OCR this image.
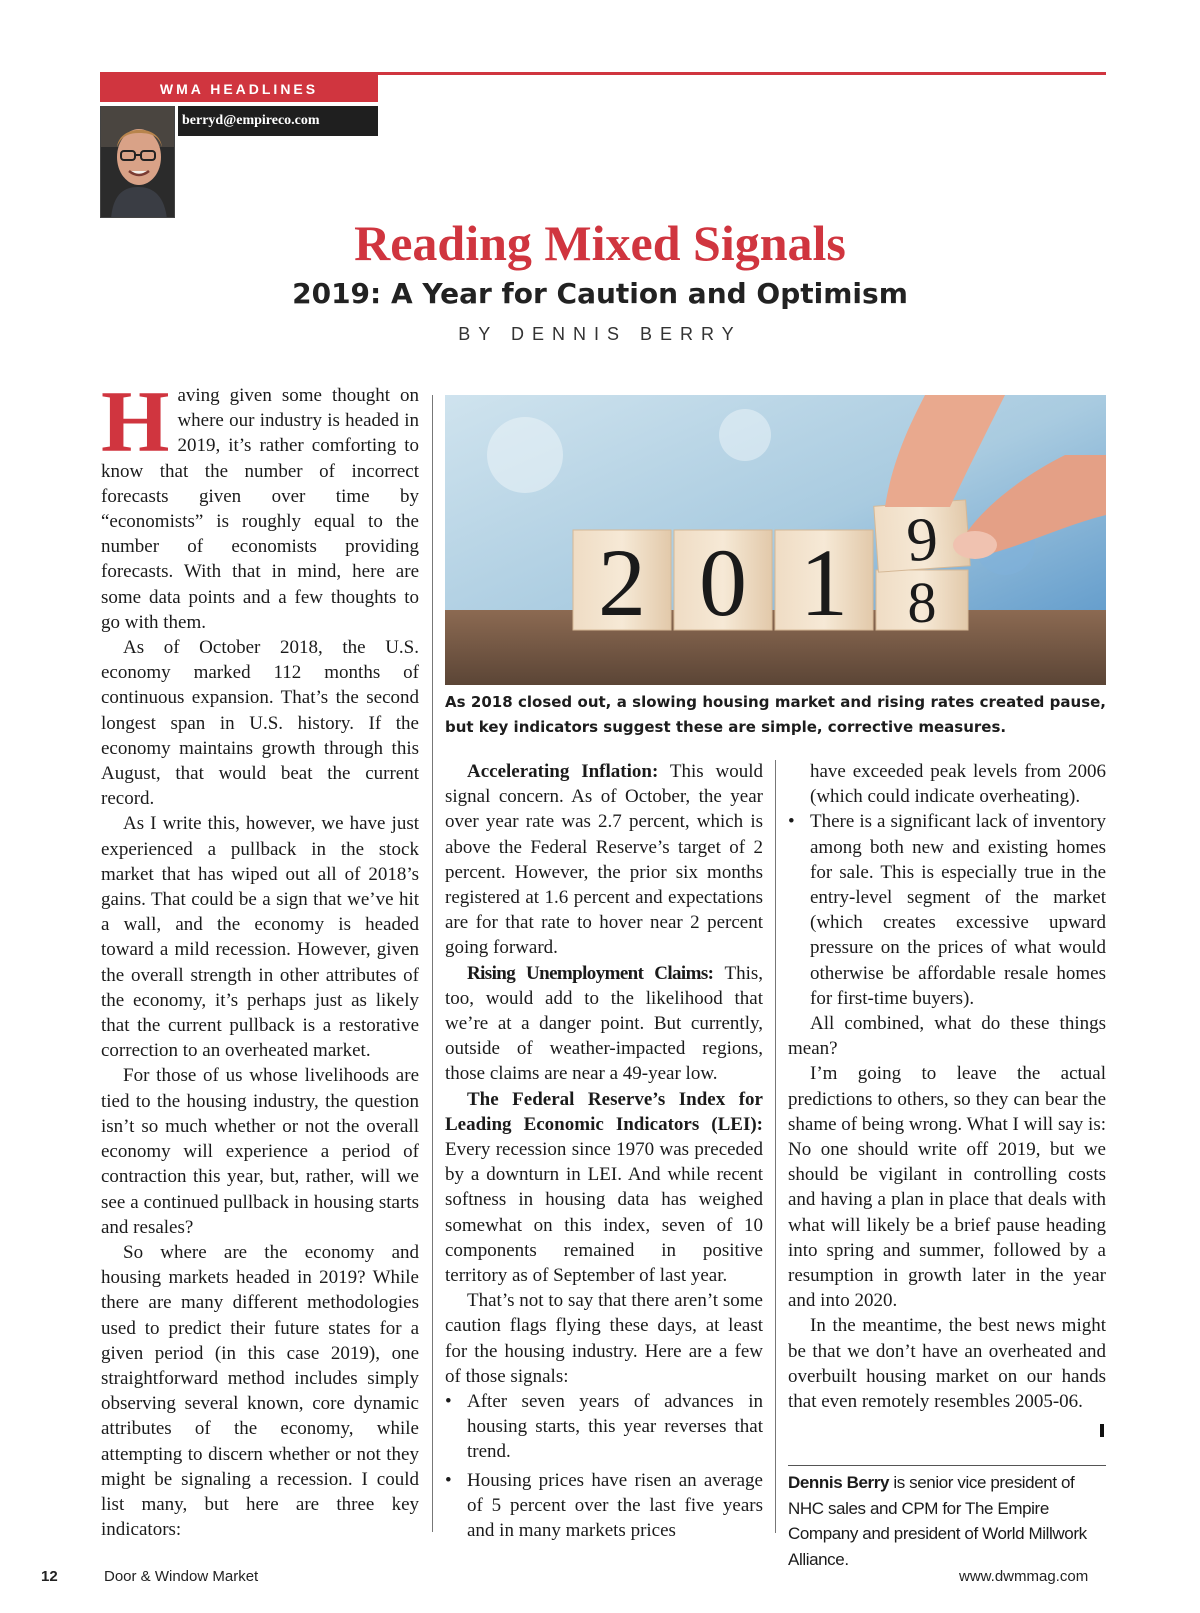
WMA HEADLINES
berryd@empireco.com
Reading Mixed Signals
2019: A Year for Caution and Optimism
BY DENNIS BERRY

Having given some thought on where our industry is headed in 2019, it’s rather comforting to know that the number of incorrect forecasts given over time by “economists” is roughly equal to the number of economists providing forecasts. With that in mind, here are some data points and a few thoughts to go with them.

As of October 2018, the U.S. economy marked 112 months of continuous expansion. That’s the second longest span in U.S. history. If the economy maintains growth through this August, that would beat the current record.

As I write this, however, we have just experienced a pullback in the stock market that has wiped out all of 2018’s gains. That could be a sign that we’ve hit a wall, and the economy is headed toward a mild recession. However, given the overall strength in other attributes of the economy, it’s perhaps just as likely that the current pullback is a restorative correction to an overheated market.

For those of us whose livelihoods are tied to the housing industry, the question isn’t so much whether or not the overall economy will experience a period of contraction this year, but, rather, will we see a continued pullback in housing starts and resales?

So where are the economy and housing markets headed in 2019? While there are many different methodologies used to predict their future states for a given period (in this case 2019), one straightforward method includes simply observing several known, core dynamic attributes of the economy, while attempting to discern whether or not they might be signaling a recession. I could list many, but here are three key indicators:

2 0 1 9
8
As 2018 closed out, a slowing housing market and rising rates created pause, but key indicators suggest these are simple, corrective measures.

Accelerating Inflation: This would signal concern. As of October, the year over year rate was 2.7 percent, which is above the Federal Reserve’s target of 2 percent. However, the prior six months registered at 1.6 percent and expectations are for that rate to hover near 2 percent going forward.

Rising Unemployment Claims: This, too, would add to the likelihood that we’re at a danger point. But currently, outside of weather-impacted regions, those claims are near a 49-year low.

The Federal Reserve’s Index for Leading Economic Indicators (LEI): Every recession since 1970 was preceded by a downturn in LEI. And while recent softness in housing data has weighed somewhat on this index, seven of 10 components remained in positive territory as of September of last year.

That’s not to say that there aren’t some caution flags flying these days, at least for the housing industry. Here are a few of those signals:

• After seven years of advances in housing starts, this year reverses that trend.
• Housing prices have risen an average of 5 percent over the last five years and in many markets prices

have exceeded peak levels from 2006 (which could indicate overheating).

• There is a significant lack of inventory among both new and existing homes for sale. This is especially true in the entry-level segment of the market (which creates excessive upward pressure on the prices of what would otherwise be affordable resale homes for first-time buyers).

All combined, what do these things mean?

I’m going to leave the actual predictions to others, so they can bear the shame of being wrong. What I will say is: No one should write off 2019, but we should be vigilant in controlling costs and having a plan in place that deals with what will likely be a brief pause heading into spring and summer, followed by a resumption in growth later in the year and into 2020.

In the meantime, the best news might be that we don’t have an overheated and overbuilt housing market on our hands that even remotely resembles 2005-06.

Dennis Berry is senior vice president of NHC sales and CPM for The Empire Company and president of World Millwork Alliance.
12	Door & Window Market	www.dwmmag.com
